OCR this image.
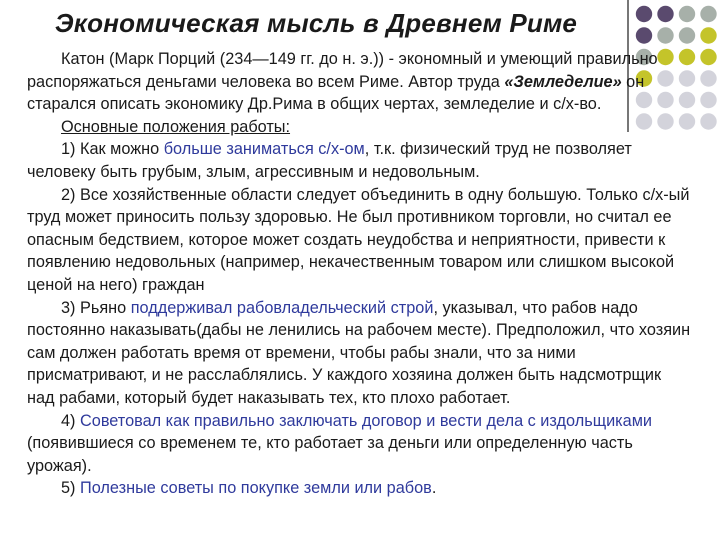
Экономическая мысль в Древнем Риме

Катон (Марк Порций (234—149 гг. до н. э.)) - экономный и умеющий правильно распоряжаться деньгами человека во всем Риме. Автор труда «Земледелие» он старался описать экономику Др.Рима в общих чертах, земледелие и с/х-во.

Основные положения работы:

1) Как можно больше заниматься с/х-ом, т.к. физический труд не позволяет человеку быть грубым, злым, агрессивным и недовольным.

2) Все хозяйственные области следует объединить в одну большую. Только с/х-ый труд может приносить пользу здоровью. Не был противником торговли, но считал ее опасным бедствием, которое может создать неудобства и неприятности, привести к появлению недовольных (например, некачественным товаром или слишком высокой ценой на него) граждан

3) Рьяно поддерживал рабовладельческий строй, указывал, что рабов надо постоянно наказывать(дабы не ленились на рабочем месте). Предположил, что хозяин сам должен работать время от времени, чтобы рабы знали, что за ними присматривают, и не расслаблялись. У каждого хозяина должен быть надсмотрщик над рабами, который будет наказывать тех, кто плохо работает.

4) Советовал как правильно заключать договор и вести дела с издольщиками (появившиеся со временем те, кто работает за деньги или определенную часть урожая).

5) Полезные советы по покупке земли или рабов.
